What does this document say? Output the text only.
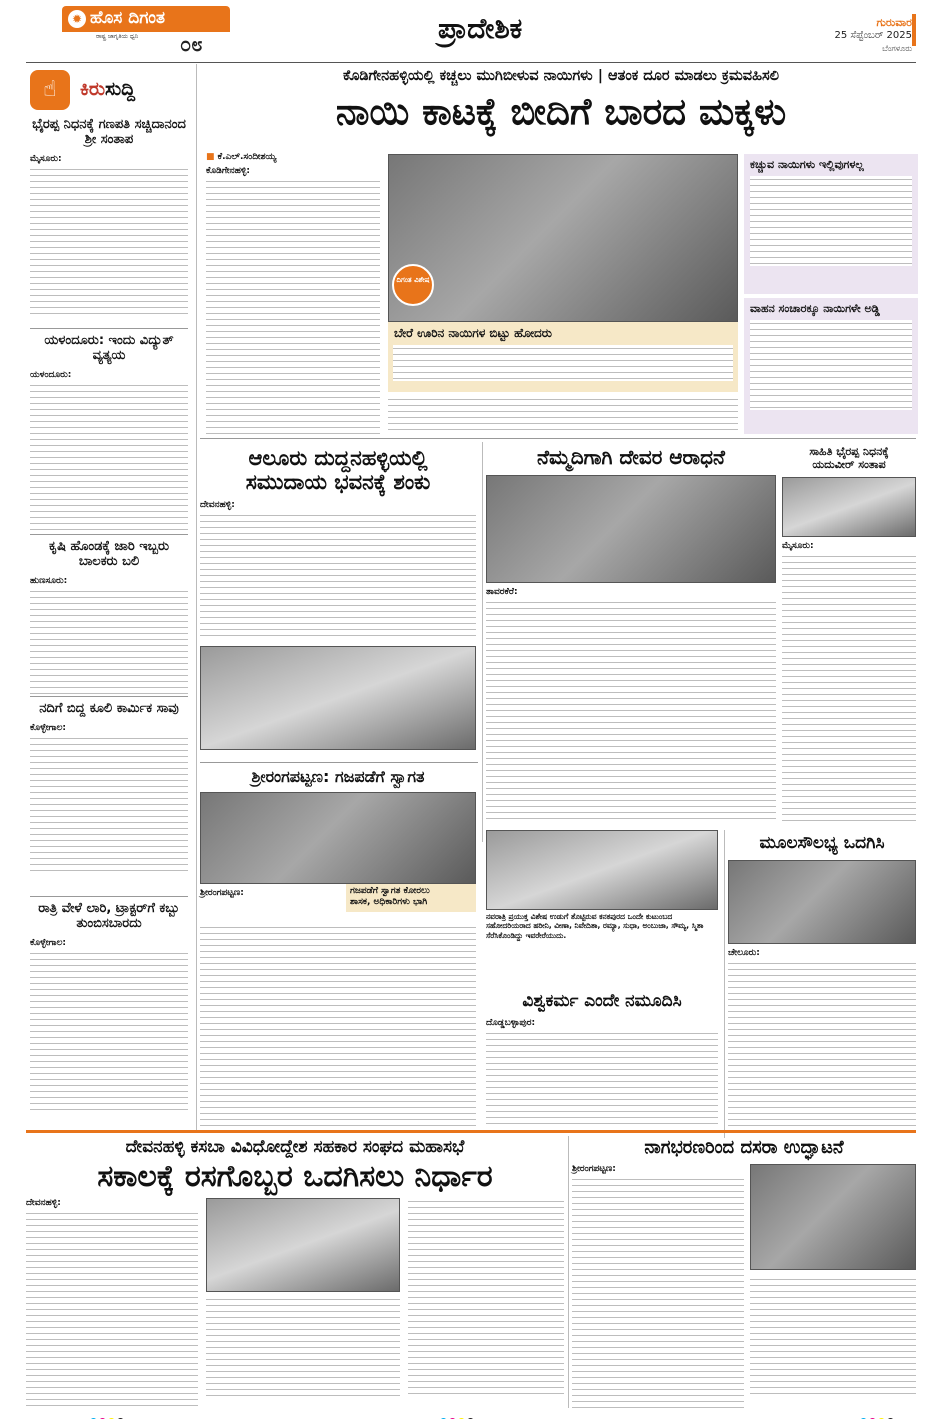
✹ ಹೊಸ ದಿಗಂತ
ರಾಷ್ಟ್ರ ಜಾಗೃತಿಯ ಧ್ವನಿ ೦೮	ಪ್ರಾದೇಶಿಕ	ಗುರುವಾರ
25 ಸೆಪ್ಟೆಂಬರ್ 2025
ಬೆಂಗಳೂರು
☝	ಕಿರುಸುದ್ದಿ
ಭೈರಪ್ಪ ನಿಧನಕ್ಕೆ ಗಣಪತಿ ಸಚ್ಚಿದಾನಂದ ಶ್ರೀ ಸಂತಾಪ
ಮೈಸೂರು:
ಯಳಂದೂರು: ಇಂದು ವಿದ್ಯುತ್ ವ್ಯತ್ಯಯ
ಯಳಂದೂರು:
ಕೃಷಿ ಹೊಂಡಕ್ಕೆ ಜಾರಿ ಇಬ್ಬರು ಬಾಲಕರು ಬಲಿ
ಹುಣಸೂರು:
ನದಿಗೆ ಬಿದ್ದ ಕೂಲಿ ಕಾರ್ಮಿಕ ಸಾವು
ಕೊಳ್ಳೇಗಾಲ:
ರಾತ್ರಿ ವೇಳೆ ಲಾರಿ, ಟ್ರಾಕ್ಟರ್‌ಗೆ ಕಬ್ಬು ತುಂಬಿಸಬಾರದು
ಕೊಳ್ಳೇಗಾಲ:
ಕೊಡಿಗೇನಹಳ್ಳಿಯಲ್ಲಿ ಕಚ್ಚಲು ಮುಗಿಬೀಳುವ ನಾಯಿಗಳು | ಆತಂಕ ದೂರ ಮಾಡಲು ಕ್ರಮವಹಿಸಲಿ
ನಾಯಿ ಕಾಟಕ್ಕೆ ಬೀದಿಗೆ ಬಾರದ ಮಕ್ಕಳು
■ ಕೆ.ಎಲ್.ಸಂದೀಶಯ್ಯ
ಕೊಡಿಗೇನಹಳ್ಳಿ:
ದಿಗಂತ ವಿಶೇಷ
ಬೇರೆ ಊರಿನ ನಾಯಿಗಳ ಬಿಟ್ಟು ಹೋದರು
ಕಚ್ಚುವ ನಾಯಿಗಳು ಇಲ್ಲಿವುಗಳಲ್ಲ
ವಾಹನ ಸಂಚಾರಕ್ಕೂ ನಾಯಿಗಳೇ ಅಡ್ಡಿ
ಆಲೂರು ದುದ್ದನಹಳ್ಳಿಯಲ್ಲಿ
ಸಮುದಾಯ ಭವನಕ್ಕೆ ಶಂಕು
ದೇವನಹಳ್ಳಿ:
ನೆಮ್ಮದಿಗಾಗಿ ದೇವರ ಆರಾಧನೆ
ತಾವರಕೆರೆ:
ಸಾಹಿತಿ ಭೈರಪ್ಪ ನಿಧನಕ್ಕೆ
ಯದುವೀರ್ ಸಂತಾಪ
ಮೈಸೂರು:
ಶ್ರೀರಂಗಪಟ್ಟಣ: ಗಜಪಡೆಗೆ ಸ್ವಾಗತ
ಶ್ರೀರಂಗಪಟ್ಟಣ:	ಗಜಪಡೆಗೆ ಸ್ವಾಗತ ಕೋರಲು
ಶಾಸಕ, ಅಧಿಕಾರಿಗಳು ಭಾಗಿ
ನವರಾತ್ರಿ ಪ್ರಯುಕ್ತ ವಿಶೇಷ ಉಡುಗೆ ತೊಟ್ಟಿರುವ ಕನಕಪುರದ ಒಂದೇ ಕುಟುಂಬದ ಸಹೋದರಿಯರಾದ ಹರೀನಿ, ವೀಣಾ, ನಿವೇದಿತಾ, ರಮ್ಯಾ, ಸುಧಾ, ಅಂಬುಜಾ, ಸೌಮ್ಯ, ಸ್ಮಿತಾ ಸೆರೆಸಿಕೊಂಡಿದ್ದು ಇವರೇರೆಯುದು.
ವಿಶ್ವಕರ್ಮ ಎಂದೇ ನಮೂದಿಸಿ
ದೊಡ್ಡಬಳ್ಳಾಪುರ:
ಮೂಲಸೌಲಭ್ಯ ಒದಗಿಸಿ
ಚೇಲೂರು:
ದೇವನಹಳ್ಳಿ ಕಸಬಾ ವಿವಿಧೋದ್ದೇಶ ಸಹಕಾರ ಸಂಘದ ಮಹಾಸಭೆ
ಸಕಾಲಕ್ಕೆ ರಸಗೊಬ್ಬರ ಒದಗಿಸಲು ನಿರ್ಧಾರ
ದೇವನಹಳ್ಳಿ:
ನಾಗಭರಣರಿಂದ ದಸರಾ ಉದ್ಘಾಟನೆ
ಶ್ರೀರಂಗಪಟ್ಟಣ:
